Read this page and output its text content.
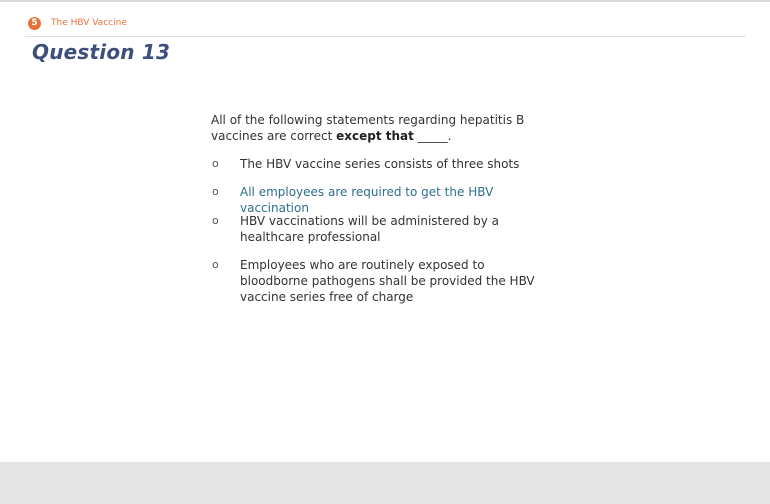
5	The HBV Vaccine
Question 13
All of the following statements regarding hepatitis B vaccines are correct except that _____.
o	The HBV vaccine series consists of three shots
o	All employees are required to get the HBV vaccination
o	HBV vaccinations will be administered by a healthcare professional
o	Employees who are routinely exposed to bloodborne pathogens shall be provided the HBV vaccine series free of charge
